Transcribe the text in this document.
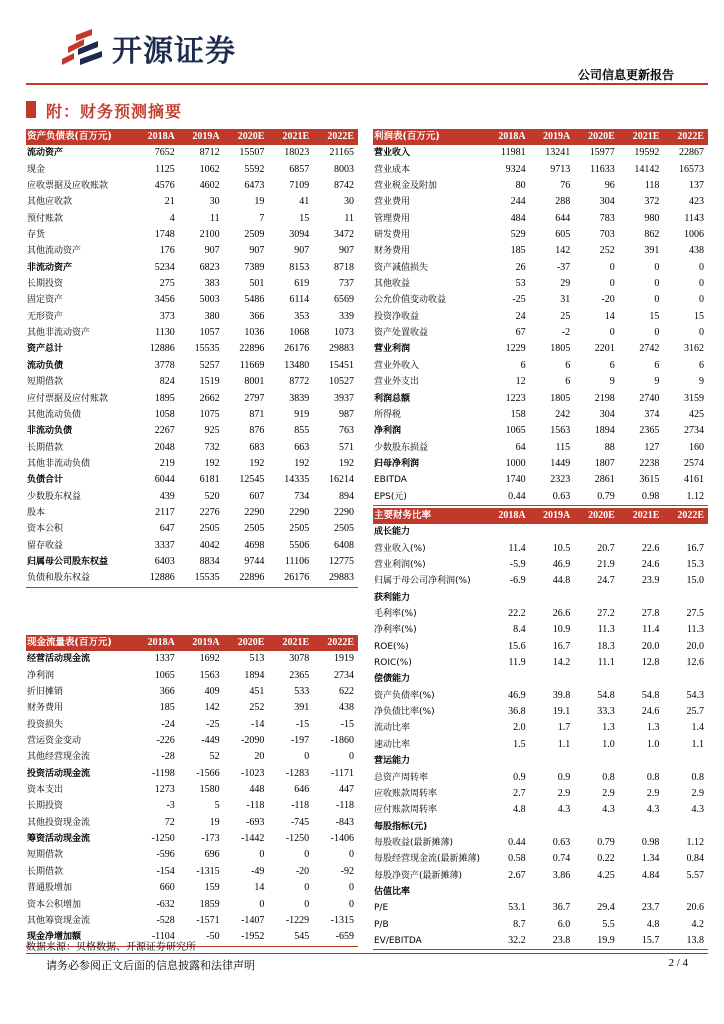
开源证券
公司信息更新报告
附：财务预测摘要
资产负债表(百万元)	2018A	2019A	2020E	2021E	2022E
流动资产	7652	8712	15507	18023	21165
现金	1125	1062	5592	6857	8003
应收票据及应收账款	4576	4602	6473	7109	8742
其他应收款	21	30	19	41	30
预付账款	4	11	7	15	11
存货	1748	2100	2509	3094	3472
其他流动资产	176	907	907	907	907
非流动资产	5234	6823	7389	8153	8718
长期投资	275	383	501	619	737
固定资产	3456	5003	5486	6114	6569
无形资产	373	380	366	353	339
其他非流动资产	1130	1057	1036	1068	1073
资产总计	12886	15535	22896	26176	29883
流动负债	3778	5257	11669	13480	15451
短期借款	824	1519	8001	8772	10527
应付票据及应付账款	1895	2662	2797	3839	3937
其他流动负债	1058	1075	871	919	987
非流动负债	2267	925	876	855	763
长期借款	2048	732	683	663	571
其他非流动负债	219	192	192	192	192
负债合计	6044	6181	12545	14335	16214
少数股东权益	439	520	607	734	894
股本	2117	2276	2290	2290	2290
资本公积	647	2505	2505	2505	2505
留存收益	3337	4042	4698	5506	6408
归属母公司股东权益	6403	8834	9744	11106	12775
负债和股东权益	12886	15535	22896	26176	29883
利润表(百万元)	2018A	2019A	2020E	2021E	2022E
营业收入	11981	13241	15977	19592	22867
营业成本	9324	9713	11633	14142	16573
营业税金及附加	80	76	96	118	137
营业费用	244	288	304	372	423
管理费用	484	644	783	980	1143
研发费用	529	605	703	862	1006
财务费用	185	142	252	391	438
资产减值损失	26	-37	0	0	0
其他收益	53	29	0	0	0
公允价值变动收益	-25	31	-20	0	0
投资净收益	24	25	14	15	15
资产处置收益	67	-2	0	0	0
营业利润	1229	1805	2201	2742	3162
营业外收入	6	6	6	6	6
营业外支出	12	6	9	9	9
利润总额	1223	1805	2198	2740	3159
所得税	158	242	304	374	425
净利润	1065	1563	1894	2365	2734
少数股东损益	64	115	88	127	160
归母净利润	1000	1449	1807	2238	2574
EBITDA	1740	2323	2861	3615	4161
EPS(元)	0.44	0.63	0.79	0.98	1.12
主要财务比率	2018A	2019A	2020E	2021E	2022E
成长能力					
营业收入(%)	11.4	10.5	20.7	22.6	16.7
营业利润(%)	-5.9	46.9	21.9	24.6	15.3
归属于母公司净利润(%)	-6.9	44.8	24.7	23.9	15.0
获利能力					
毛利率(%)	22.2	26.6	27.2	27.8	27.5
净利率(%)	8.4	10.9	11.3	11.4	11.3
ROE(%)	15.6	16.7	18.3	20.0	20.0
ROIC(%)	11.9	14.2	11.1	12.8	12.6
偿债能力					
资产负债率(%)	46.9	39.8	54.8	54.8	54.3
净负债比率(%)	36.8	19.1	33.3	24.6	25.7
流动比率	2.0	1.7	1.3	1.3	1.4
速动比率	1.5	1.1	1.0	1.0	1.1
营运能力					
总资产周转率	0.9	0.9	0.8	0.8	0.8
应收账款周转率	2.7	2.9	2.9	2.9	2.9
应付账款周转率	4.8	4.3	4.3	4.3	4.3
每股指标(元)					
每股收益(最新摊薄)	0.44	0.63	0.79	0.98	1.12
每股经营现金流(最新摊薄)	0.58	0.74	0.22	1.34	0.84
每股净资产(最新摊薄)	2.67	3.86	4.25	4.84	5.57
估值比率					
P/E	53.1	36.7	29.4	23.7	20.6
P/B	8.7	6.0	5.5	4.8	4.2
EV/EBITDA	32.2	23.8	19.9	15.7	13.8
现金流量表(百万元)	2018A	2019A	2020E	2021E	2022E
经营活动现金流	1337	1692	513	3078	1919
净利润	1065	1563	1894	2365	2734
折旧摊销	366	409	451	533	622
财务费用	185	142	252	391	438
投资损失	-24	-25	-14	-15	-15
营运资金变动	-226	-449	-2090	-197	-1860
其他经营现金流	-28	52	20	0	0
投资活动现金流	-1198	-1566	-1023	-1283	-1171
资本支出	1273	1580	448	646	447
长期投资	-3	5	-118	-118	-118
其他投资现金流	72	19	-693	-745	-843
筹资活动现金流	-1250	-173	-1442	-1250	-1406
短期借款	-596	696	0	0	0
长期借款	-154	-1315	-49	-20	-92
普通股增加	660	159	14	0	0
资本公积增加	-632	1859	0	0	0
其他筹资现金流	-528	-1571	-1407	-1229	-1315
现金净增加额	-1104	-50	-1952	545	-659
数据来源：贝格数据、开源证券研究所
请务必参阅正文后面的信息披露和法律声明	2 / 4
